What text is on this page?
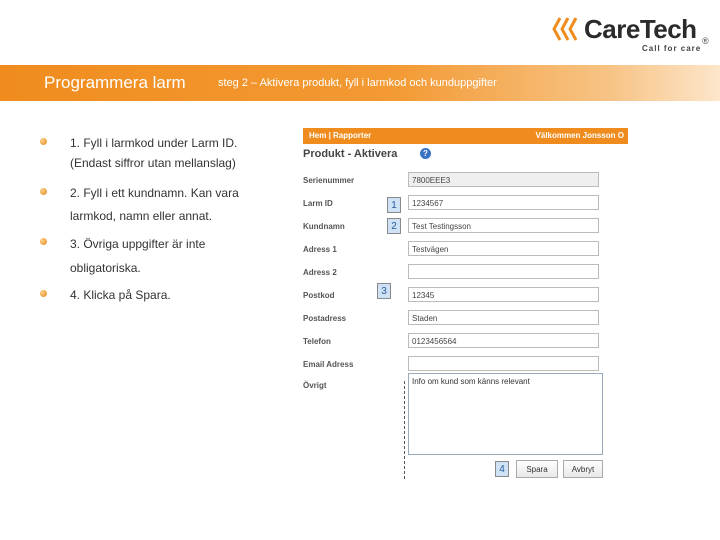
CareTech ®
Call for care
Programmera larm	steg 2 – Aktivera produkt, fyll i larmkod och kunduppgifter
1. Fyll i larmkod under Larm ID.
(Endast siffror utan mellanslag)
2. Fyll i ett kundnamn. Kan vara larmkod, namn eller annat.
3. Övriga uppgifter är inte obligatoriska.
4. Klicka på Spara.
Hem | Rapporter	Välkommen Jonsson O
Produkt - Aktivera	?
Serienummer	7800EEE3
Larm ID	1234567
Kundnamn	Test Testingsson
Adress 1	Testvägen
Adress 2
Postkod	12345
Postadress	Staden
Telefon	0123456564
Email Adress
Övrigt	Info om kund som känns relevant
Spara	Avbryt
1
2
3
4
